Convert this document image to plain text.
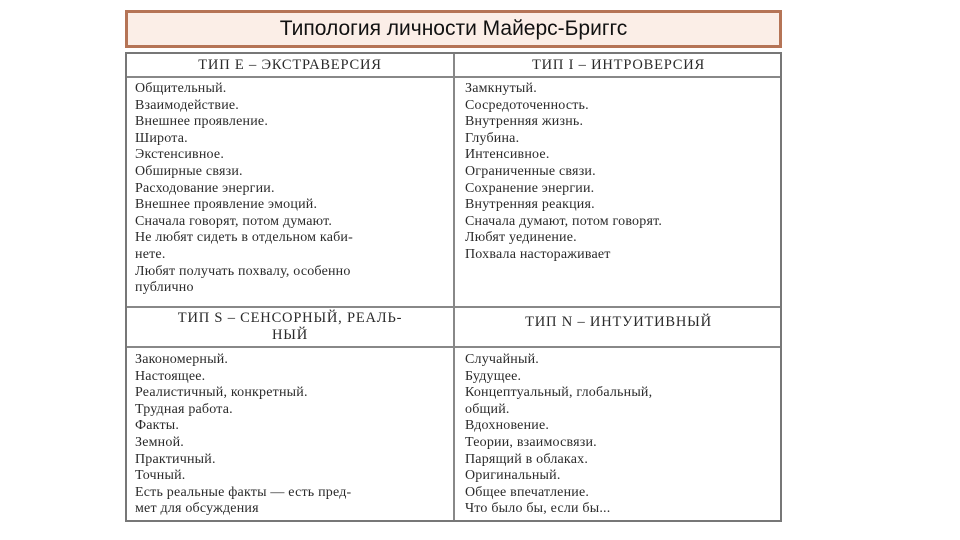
Типология личности Майерс-Бриггс
ТИП Е – ЭКСТРАВЕРСИЯ	ТИП I – ИНТРОВЕРСИЯ
Общительный.
Взаимодействие.
Внешнее проявление.
Широта.
Экстенсивное.
Обширные связи.
Расходование энергии.
Внешнее проявление эмоций.
Сначала говорят, потом думают.
Не любят сидеть в отдельном каби-
нете.
Любят получать похвалу, особенно
публично
Замкнутый.
Сосредоточенность.
Внутренняя жизнь.
Глубина.
Интенсивное.
Ограниченные связи.
Сохранение энергии.
Внутренняя реакция.
Сначала думают, потом говорят.
Любят уединение.
Похвала настораживает
ТИП S – СЕНСОРНЫЙ, РЕАЛЬ-
НЫЙ
ТИП N – ИНТУИТИВНЫЙ
Закономерный.
Настоящее.
Реалистичный, конкретный.
Трудная работа.
Факты.
Земной.
Практичный.
Точный.
Есть реальные факты — есть пред-
мет для обсуждения
Случайный.
Будущее.
Концептуальный, глобальный,
общий.
Вдохновение.
Теории, взаимосвязи.
Парящий в облаках.
Оригинальный.
Общее впечатление.
Что было бы, если бы...
